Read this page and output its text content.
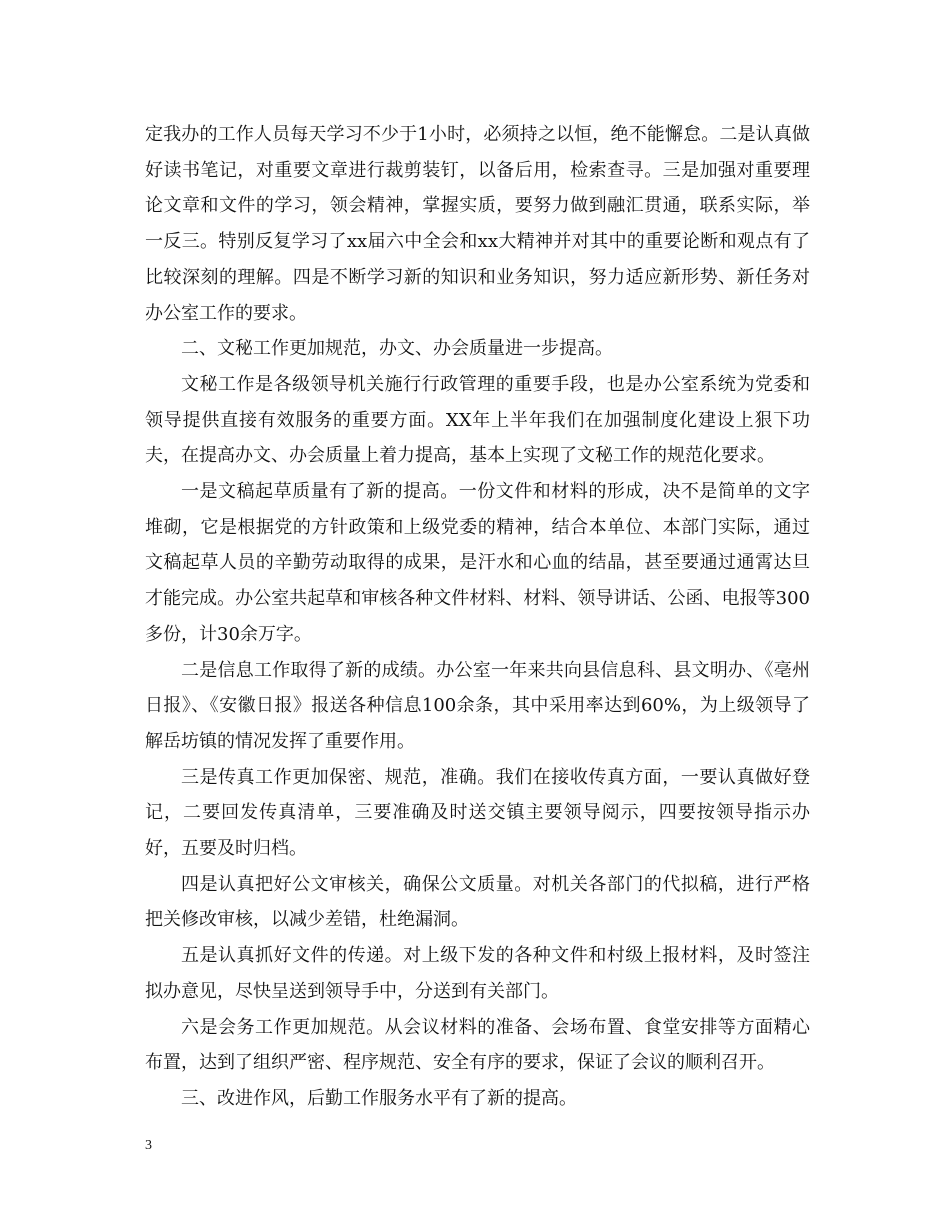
定我办的工作人员每天学习不少于1小时，必须持之以恒，绝不能懈怠。二是认真做好读书笔记，对重要文章进行裁剪装钉，以备后用，检索查寻。三是加强对重要理论文章和文件的学习，领会精神，掌握实质，要努力做到融汇贯通，联系实际，举一反三。特别反复学习了xx届六中全会和xx大精神并对其中的重要论断和观点有了比较深刻的理解。四是不断学习新的知识和业务知识，努力适应新形势、新任务对办公室工作的要求。

二、文秘工作更加规范，办文、办会质量进一步提高。

文秘工作是各级领导机关施行行政管理的重要手段，也是办公室系统为党委和领导提供直接有效服务的重要方面。XX年上半年我们在加强制度化建设上狠下功夫，在提高办文、办会质量上着力提高，基本上实现了文秘工作的规范化要求。

一是文稿起草质量有了新的提高。一份文件和材料的形成，决不是简单的文字堆砌，它是根据党的方针政策和上级党委的精神，结合本单位、本部门实际，通过文稿起草人员的辛勤劳动取得的成果，是汗水和心血的结晶，甚至要通过通霄达旦才能完成。办公室共起草和审核各种文件材料、材料、领导讲话、公函、电报等300多份，计30余万字。

二是信息工作取得了新的成绩。办公室一年来共向县信息科、县文明办、《亳州日报》、《安徽日报》报送各种信息100余条，其中采用率达到60%，为上级领导了解岳坊镇的情况发挥了重要作用。

三是传真工作更加保密、规范，准确。我们在接收传真方面，一要认真做好登记，二要回发传真清单，三要准确及时送交镇主要领导阅示，四要按领导指示办好，五要及时归档。

四是认真把好公文审核关，确保公文质量。对机关各部门的代拟稿，进行严格把关修改审核，以减少差错，杜绝漏洞。

五是认真抓好文件的传递。对上级下发的各种文件和村级上报材料，及时签注拟办意见，尽快呈送到领导手中，分送到有关部门。

六是会务工作更加规范。从会议材料的准备、会场布置、食堂安排等方面精心布置，达到了组织严密、程序规范、安全有序的要求，保证了会议的顺利召开。

三、改进作风，后勤工作服务水平有了新的提高。

3
